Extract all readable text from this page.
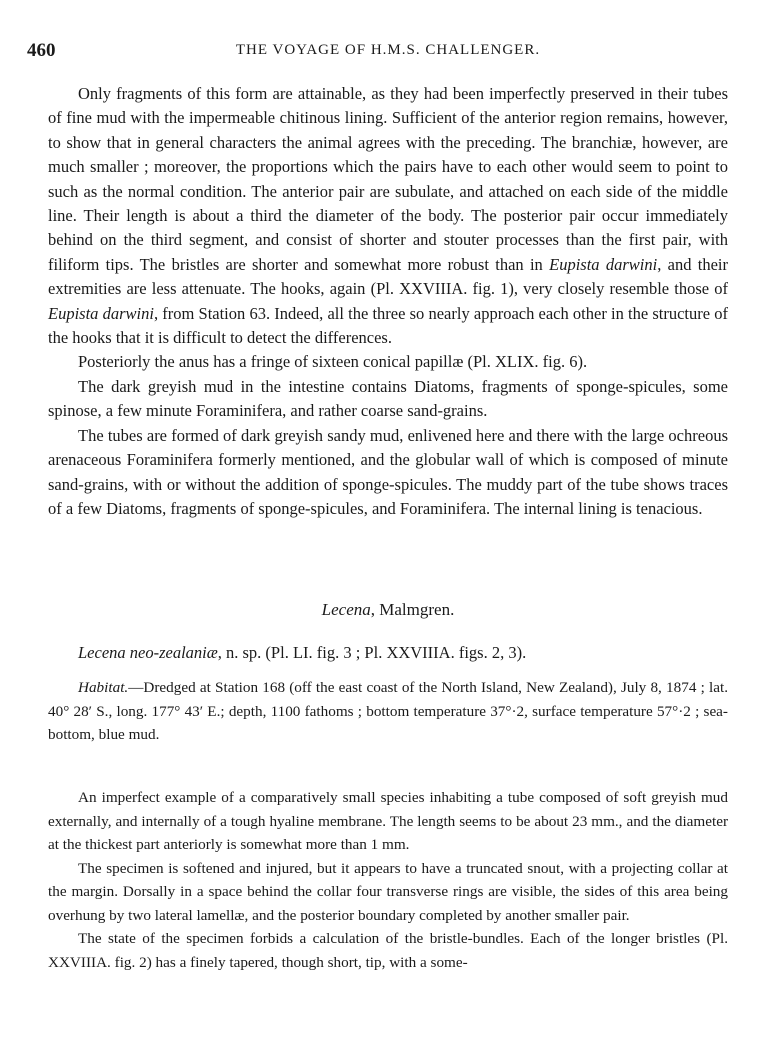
460	THE VOYAGE OF H.M.S. CHALLENGER.

Only fragments of this form are attainable, as they had been imperfectly preserved in their tubes of fine mud with the impermeable chitinous lining. Sufficient of the anterior region remains, however, to show that in general characters the animal agrees with the preceding. The branchiæ, however, are much smaller ; moreover, the proportions which the pairs have to each other would seem to point to such as the normal condition. The anterior pair are subulate, and attached on each side of the middle line. Their length is about a third the diameter of the body. The posterior pair occur immediately behind on the third segment, and consist of shorter and stouter processes than the first pair, with filiform tips. The bristles are shorter and somewhat more robust than in Eupista darwini, and their extremities are less attenuate. The hooks, again (Pl. XXVIIIA. fig. 1), very closely resemble those of Eupista darwini, from Station 63. Indeed, all the three so nearly approach each other in the structure of the hooks that it is difficult to detect the differences.

Posteriorly the anus has a fringe of sixteen conical papillæ (Pl. XLIX. fig. 6).

The dark greyish mud in the intestine contains Diatoms, fragments of sponge-spicules, some spinose, a few minute Foraminifera, and rather coarse sand-grains.

The tubes are formed of dark greyish sandy mud, enlivened here and there with the large ochreous arenaceous Foraminifera formerly mentioned, and the globular wall of which is composed of minute sand-grains, with or without the addition of sponge-spicules. The muddy part of the tube shows traces of a few Diatoms, fragments of sponge-spicules, and Foraminifera. The internal lining is tenacious.

Lecena, Malmgren.
Lecena neo-zealaniæ, n. sp. (Pl. LI. fig. 3 ; Pl. XXVIIIA. figs. 2, 3).

Habitat.—Dredged at Station 168 (off the east coast of the North Island, New Zealand), July 8, 1874 ; lat. 40° 28′ S., long. 177° 43′ E.; depth, 1100 fathoms ; bottom temperature 37°·2, surface temperature 57°·2 ; sea-bottom, blue mud.

An imperfect example of a comparatively small species inhabiting a tube composed of soft greyish mud externally, and internally of a tough hyaline membrane. The length seems to be about 23 mm., and the diameter at the thickest part anteriorly is somewhat more than 1 mm.

The specimen is softened and injured, but it appears to have a truncated snout, with a projecting collar at the margin. Dorsally in a space behind the collar four transverse rings are visible, the sides of this area being overhung by two lateral lamellæ, and the posterior boundary completed by another smaller pair.

The state of the specimen forbids a calculation of the bristle-bundles. Each of the longer bristles (Pl. XXVIIIA. fig. 2) has a finely tapered, though short, tip, with a some-
